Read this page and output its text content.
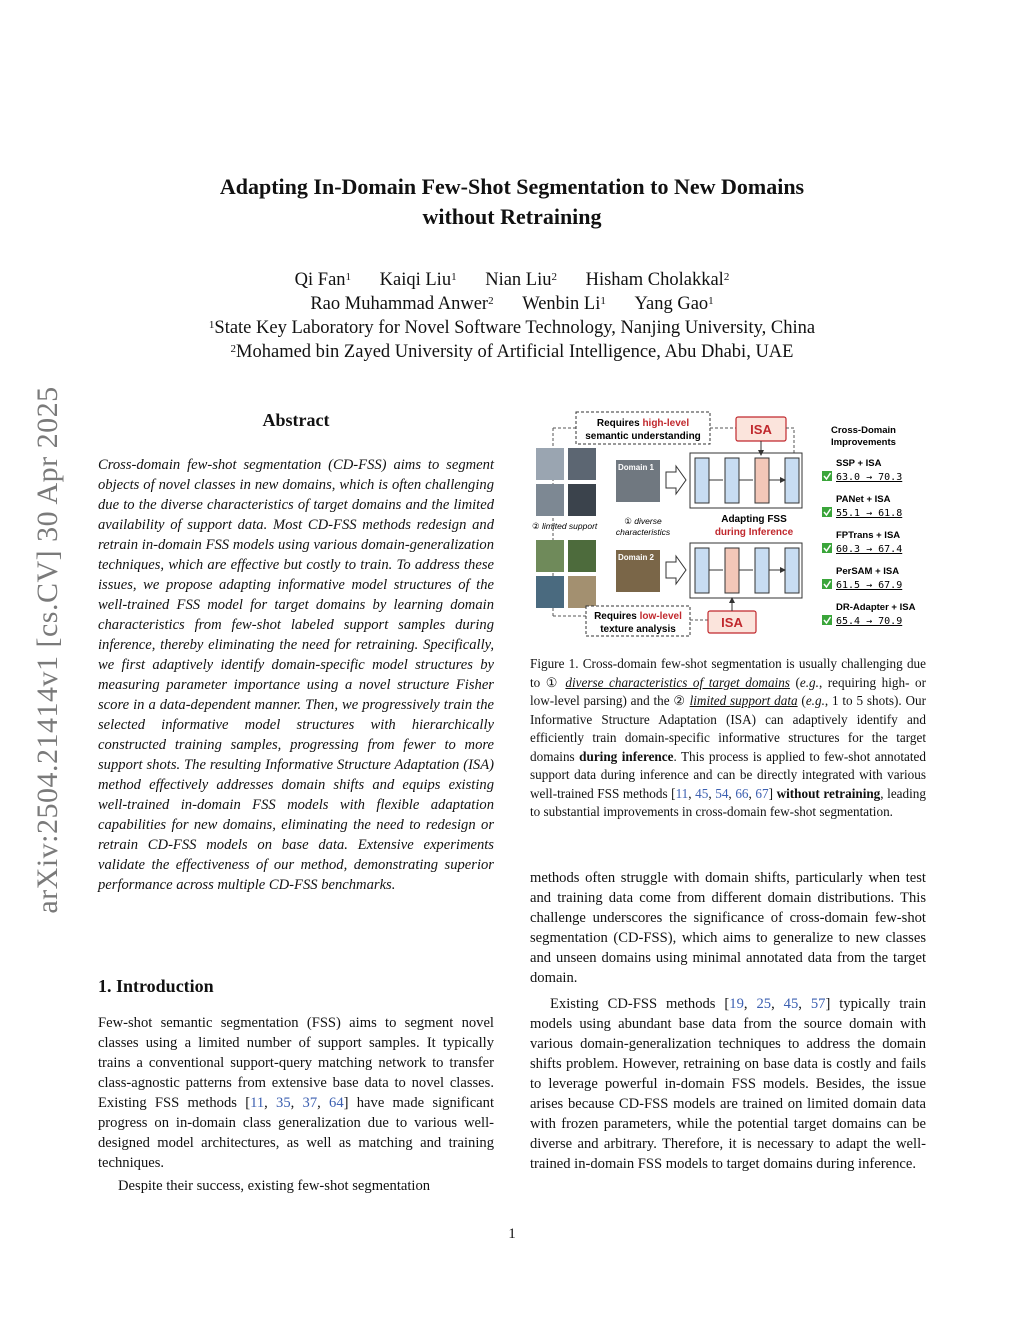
arXiv:2504.21414v1 [cs.CV] 30 Apr 2025
Adapting In-Domain Few-Shot Segmentation to New Domains
without Retraining
Qi Fan$^1$ Kaiqi Liu$^1$ Nian Liu$^2$ Hisham Cholakkal$^2$
Rao Muhammad Anwer$^2$ Wenbin Li$^1$ Yang Gao$^1$
$^1$State Key Laboratory for Novel Software Technology, Nanjing University, China
$^2$Mohamed bin Zayed University of Artificial Intelligence, Abu Dhabi, UAE
Abstract
Cross-domain few-shot segmentation (CD-FSS) aims to segment objects of novel classes in new domains, which is often challenging due to the diverse characteristics of target domains and the limited availability of support data. Most CD-FSS methods redesign and retrain in-domain FSS models using various domain-generalization techniques, which are effective but costly to train. To address these issues, we propose adapting informative model structures of the well-trained FSS model for target domains by learning domain characteristics from few-shot labeled support samples during inference, thereby eliminating the need for retraining. Specifically, we first adaptively identify domain-specific model structures by measuring parameter importance using a novel structure Fisher score in a data-dependent manner. Then, we progressively train the selected informative model structures with hierarchically constructed training samples, progressing from fewer to more support shots. The resulting Informative Structure Adaptation (ISA) method effectively addresses domain shifts and equips existing well-trained in-domain FSS models with flexible adaptation capabilities for new domains, eliminating the need to redesign or retrain CD-FSS models on base data. Extensive experiments validate the effectiveness of our method, demonstrating superior performance across multiple CD-FSS benchmarks.
1. Introduction

Few-shot semantic segmentation (FSS) aims to segment novel classes using a limited number of support samples. It typically trains a conventional support-query matching network to transfer class-agnostic patterns from extensive base data to novel classes. Existing FSS methods [11, 35, 37, 64] have made significant progress on in-domain class generalization due to various well-designed model architectures, as well as matching and training techniques.

Despite their success, existing few-shot segmentation

Requires high-level
semantic understanding	ISA
Domain 1
Domain 2
② limited support	① diverse
characteristics
Adapting FSS
during Inference
Requires low-level
texture analysis	ISA
Cross-Domain
Improvements
SSP + ISA
63.0 → 70.3
PANet + ISA
55.1 → 61.8
FPTrans + ISA
60.3 → 67.4
PerSAM + ISA
61.5 → 67.9
DR-Adapter + ISA
65.4 → 70.9
Figure 1. Cross-domain few-shot segmentation is usually challenging due to ① diverse characteristics of target domains (e.g., requiring high- or low-level parsing) and the ② limited support data (e.g., 1 to 5 shots). Our Informative Structure Adaptation (ISA) can adaptively identify and efficiently train domain-specific informative structures for the target domains during inference. This process is applied to few-shot annotated support data during inference and can be directly integrated with various well-trained FSS methods [11, 45, 54, 66, 67] without retraining, leading to substantial improvements in cross-domain few-shot segmentation.

methods often struggle with domain shifts, particularly when test and training data come from different domain distributions. This challenge underscores the significance of cross-domain few-shot segmentation (CD-FSS), which aims to generalize to new classes and unseen domains using minimal annotated data from the target domain.

Existing CD-FSS methods [19, 25, 45, 57] typically train models using abundant base data from the source domain with various domain-generalization techniques to address the domain shifts problem. However, retraining on base data is costly and fails to leverage powerful in-domain FSS models. Besides, the issue arises because CD-FSS models are trained on limited domain data with frozen parameters, while the potential target domains can be diverse and arbitrary. Therefore, it is necessary to adapt the well-trained in-domain FSS models to target domains during inference.

1
